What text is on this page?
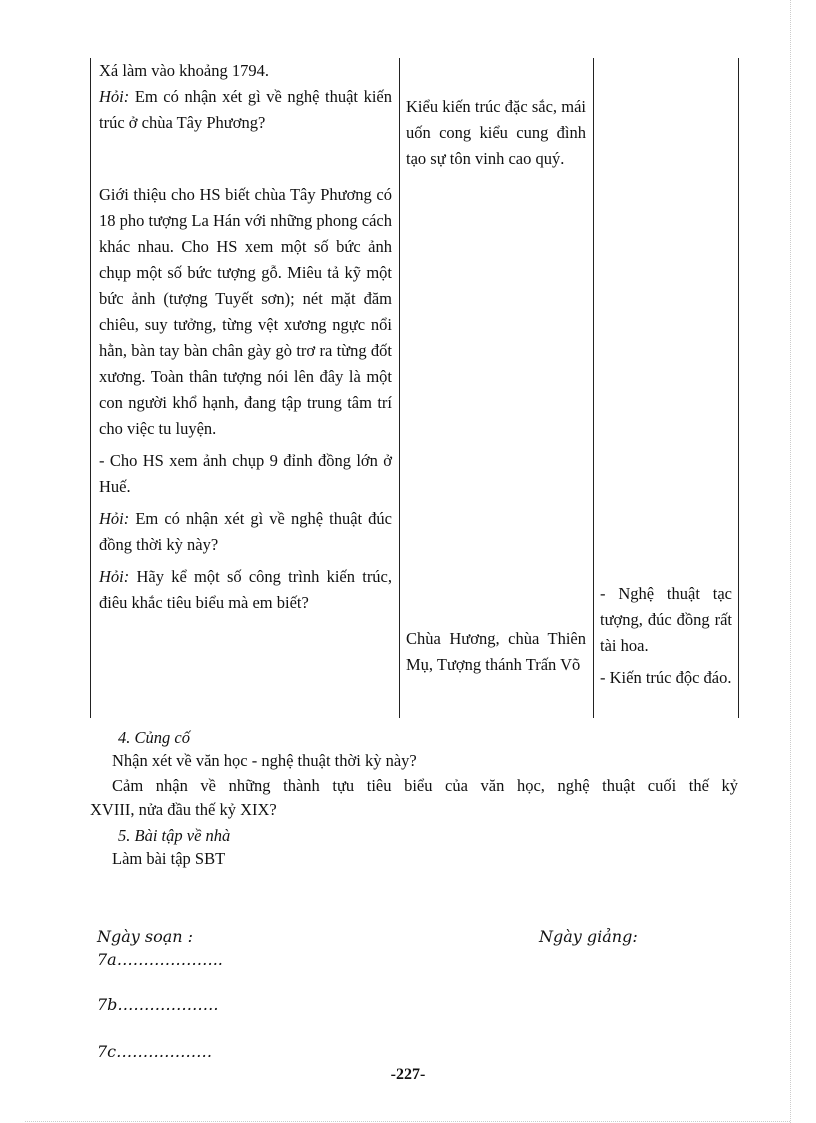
Xá làm vào khoảng 1794.

Hỏi: Em có nhận xét gì về nghệ thuật kiến trúc ở chùa Tây Phương?

Giới thiệu cho HS biết chùa Tây Phương có 18 pho tượng La Hán với những phong cách khác nhau. Cho HS xem một số bức ảnh chụp một số bức tượng gỗ. Miêu tả kỹ một bức ảnh (tượng Tuyết sơn); nét mặt đăm chiêu, suy tưởng, từng vệt xương ngực nổi hằn, bàn tay bàn chân gày gò trơ ra từng đốt xương. Toàn thân tượng nói lên đây là một con người khổ hạnh, đang tập trung tâm trí cho việc tu luyện.

- Cho HS xem ảnh chụp 9 đỉnh đồng lớn ở Huế.

Hỏi: Em có nhận xét gì về nghệ thuật đúc đồng thời kỳ này?

Hỏi: Hãy kể một số công trình kiến trúc, điêu khắc tiêu biểu mà em biết?

Kiểu kiến trúc đặc sắc, mái uốn cong kiểu cung đình tạo sự tôn vinh cao quý.
Chùa Hương, chùa Thiên Mụ, Tượng thánh Trấn Võ
- Nghệ thuật tạc tượng, đúc đồng rất tài hoa.
- Kiến trúc độc đáo.
4. Củng cố
Nhận xét về văn học - nghệ thuật thời kỳ này?
Cảm nhận về những thành tựu tiêu biểu của văn học, nghệ thuật cuối thế kỷ
XVIII, nửa đầu thế kỷ XIX?
5. Bài tập về nhà
Làm bài tập SBT
Ngày soạn :	Ngày giảng:
7a………………..
7b……………….
7c………………
-227-
